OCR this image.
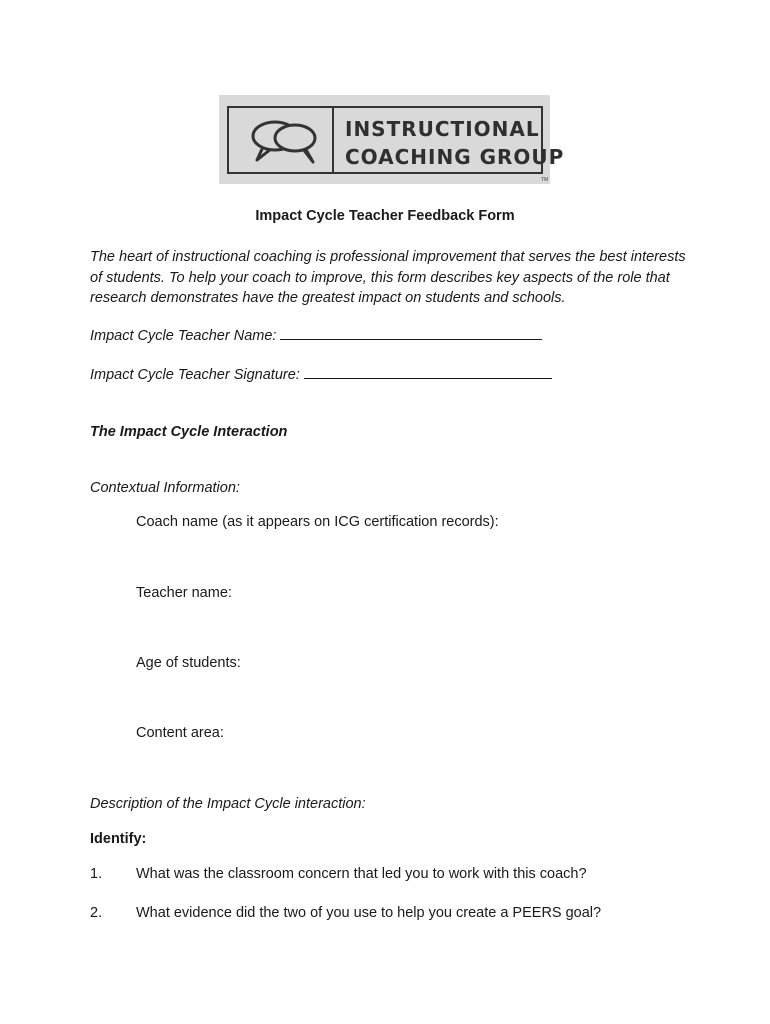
INSTRUCTIONAL
COACHING GROUP
TM
Impact Cycle Teacher Feedback Form
The heart of instructional coaching is professional improvement that serves the best interests of students. To help your coach to improve, this form describes key aspects of the role that research demonstrates have the greatest impact on students and schools.
Impact Cycle Teacher Name:
Impact Cycle Teacher Signature:
The Impact Cycle Interaction
Contextual Information:
Coach name (as it appears on ICG certification records):
Teacher name:
Age of students:
Content area:
Description of the Impact Cycle interaction:
Identify:
1. What was the classroom concern that led you to work with this coach?
2. What evidence did the two of you use to help you create a PEERS goal?
